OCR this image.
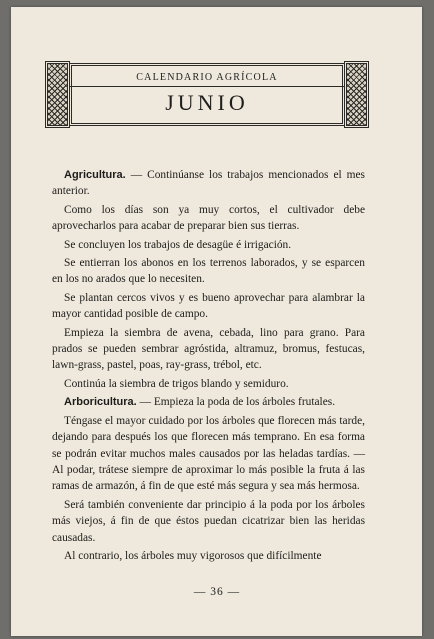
CALENDARIO AGRÍCOLA
JUNIO

Agricultura. — Continúanse los trabajos mencionados el mes anterior.

Como los días son ya muy cortos, el cultivador debe aprovecharlos para acabar de preparar bien sus tierras.

Se concluyen los trabajos de desagüe é irrigación.

Se entierran los abonos en los terrenos laborados, y se esparcen en los no arados que lo necesiten.

Se plantan cercos vivos y es bueno aprovechar para alambrar la mayor cantidad posible de campo.

Empieza la siembra de avena, cebada, lino para grano. Para prados se pueden sembrar agróstida, altramuz, bromus, festucas, lawn-grass, pastel, poas, ray-grass, trébol, etc.

Continúa la siembra de trigos blando y semiduro.

Arboricultura. — Empieza la poda de los árboles frutales.

Téngase el mayor cuidado por los árboles que florecen más tarde, dejando para después los que florecen más temprano. En esa forma se podrán evitar muchos males causados por las heladas tardías. — Al podar, trátese siempre de aproximar lo más posible la fruta á las ramas de armazón, á fin de que esté más segura y sea más hermosa.

Será también conveniente dar principio á la poda por los árboles más viejos, á fin de que éstos puedan cicatrizar bien las heridas causadas.

Al contrario, los árboles muy vigorosos que difícilmente

— 36 —
